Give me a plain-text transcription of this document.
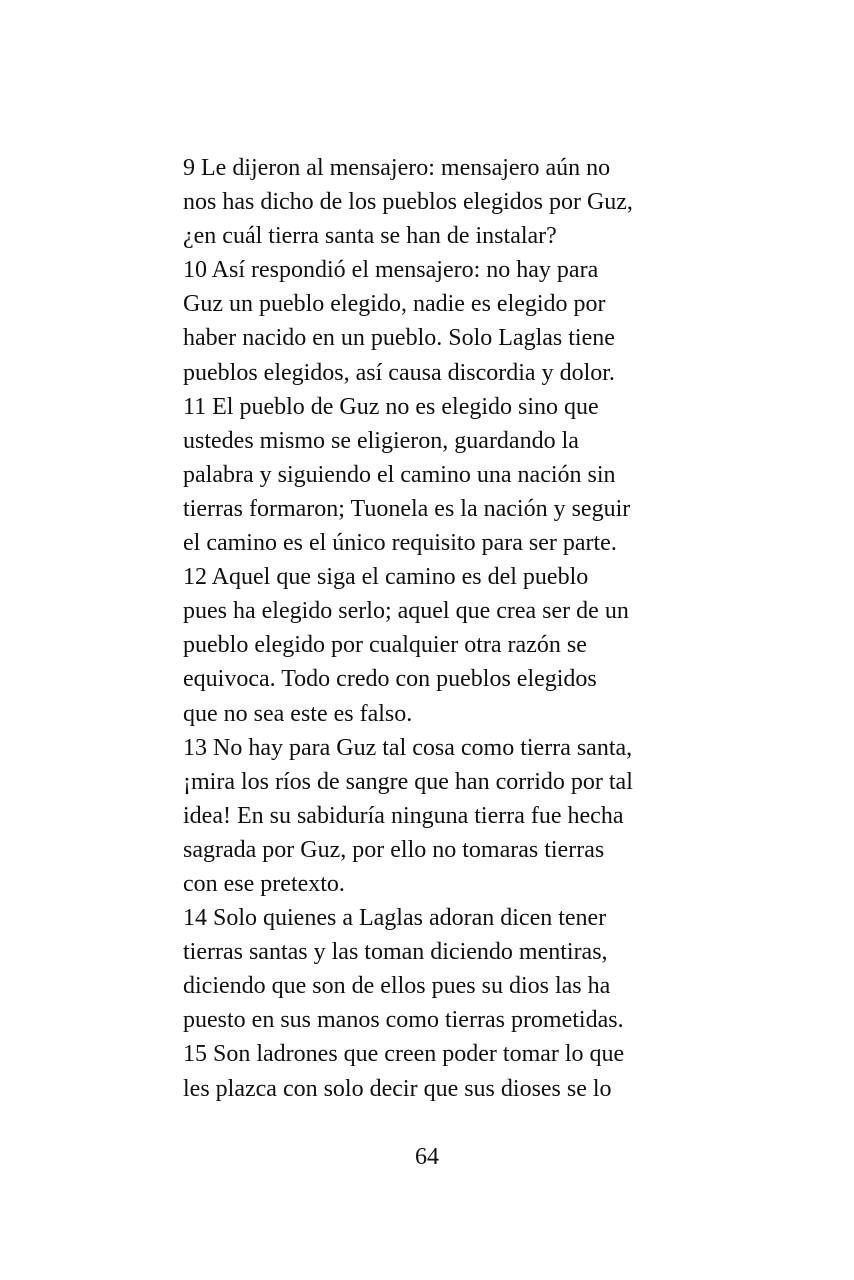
9 Le dijeron al mensajero: mensajero aún no
nos has dicho de los pueblos elegidos por Guz,
¿en cuál tierra santa se han de instalar?
10 Así respondió el mensajero: no hay para
Guz un pueblo elegido, nadie es elegido por
haber nacido en un pueblo. Solo Laglas tiene
pueblos elegidos, así causa discordia y dolor.
11 El pueblo de Guz no es elegido sino que
ustedes mismo se eligieron, guardando la
palabra y siguiendo el camino una nación sin
tierras formaron; Tuonela es la nación y seguir
el camino es el único requisito para ser parte.
12 Aquel que siga el camino es del pueblo
pues ha elegido serlo; aquel que crea ser de un
pueblo elegido por cualquier otra razón se
equivoca. Todo credo con pueblos elegidos
que no sea este es falso.
13 No hay para Guz tal cosa como tierra santa,
¡mira los ríos de sangre que han corrido por tal
idea! En su sabiduría ninguna tierra fue hecha
sagrada por Guz, por ello no tomaras tierras
con ese pretexto.
14 Solo quienes a Laglas adoran dicen tener
tierras santas y las toman diciendo mentiras,
diciendo que son de ellos pues su dios las ha
puesto en sus manos como tierras prometidas.
15 Son ladrones que creen poder tomar lo que
les plazca con solo decir que sus dioses se lo
64
